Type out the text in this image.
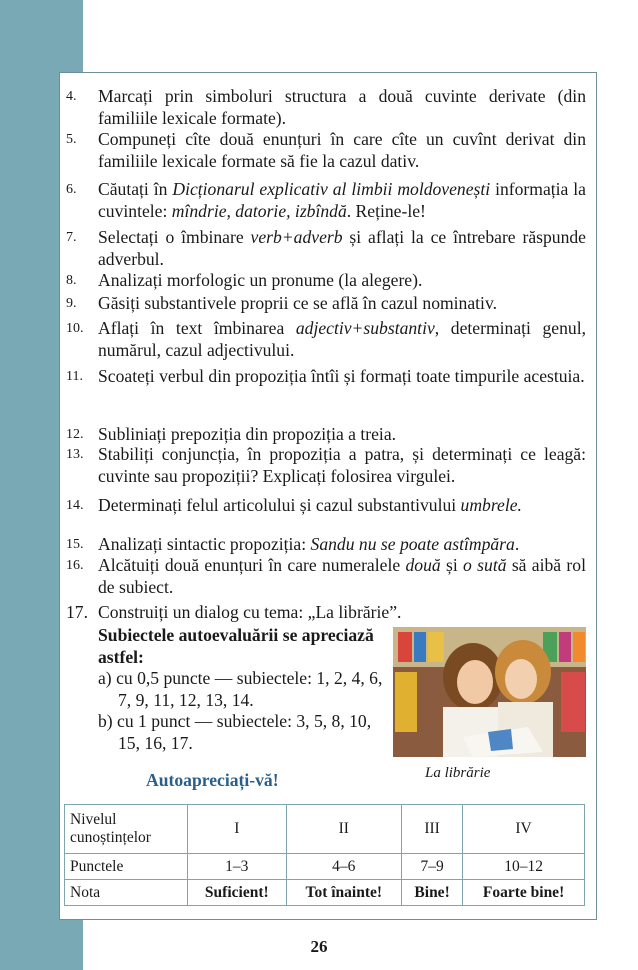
4.	Marcați prin simboluri structura a două cuvinte derivate (din familiile lexicale formate).
5.	Compuneți cîte două enunțuri în care cîte un cuvînt derivat din familiile lexicale formate să fie la cazul dativ.
6.	Căutați în Dicționarul explicativ al limbii moldovenești informația la cuvintele: mîndrie, datorie, izbîndă. Reține-le!
7.	Selectați o îmbinare verb+adverb și aflați la ce întrebare răspunde adverbul.
8.	Analizați morfologic un pronume (la alegere).
9.	Găsiți substantivele proprii ce se află în cazul nominativ.
10. Aflați în text îmbinarea adjectiv+substantiv, determinați genul, numărul, cazul adjectivului.
11. Scoateți verbul din propoziția întîi și formați toate timpurile acestuia.
12. Subliniați prepoziția din propoziția a treia.
13. Stabiliți conjuncția, în propoziția a patra, și determinați ce leagă: cuvinte sau propoziții? Explicați folosirea virgulei.
14. Determinați felul articolului și cazul substantivului umbrele.
15. Analizați sintactic propoziția: Sandu nu se poate astîmpăra.
16. Alcătuiți două enunțuri în care numeralele două și o sută să aibă rol de subiect.
17. Construiți un dialog cu tema: „La librărie”.
Subiectele autoevaluării se apreciază astfel:
a) cu 0,5 puncte — subiectele: 1, 2, 4, 6, 7, 9, 11, 12, 13, 14.
b) cu 1 punct — subiectele: 3, 5, 8, 10, 15, 16, 17.
La librărie
Autoapreciați-vă!
Nivelul cunoștințelor	I	II	III	IV
Punctele	1–3	4–6	7–9	10–12
Nota	Suficient!	Tot înainte!	Bine!	Foarte bine!
26
